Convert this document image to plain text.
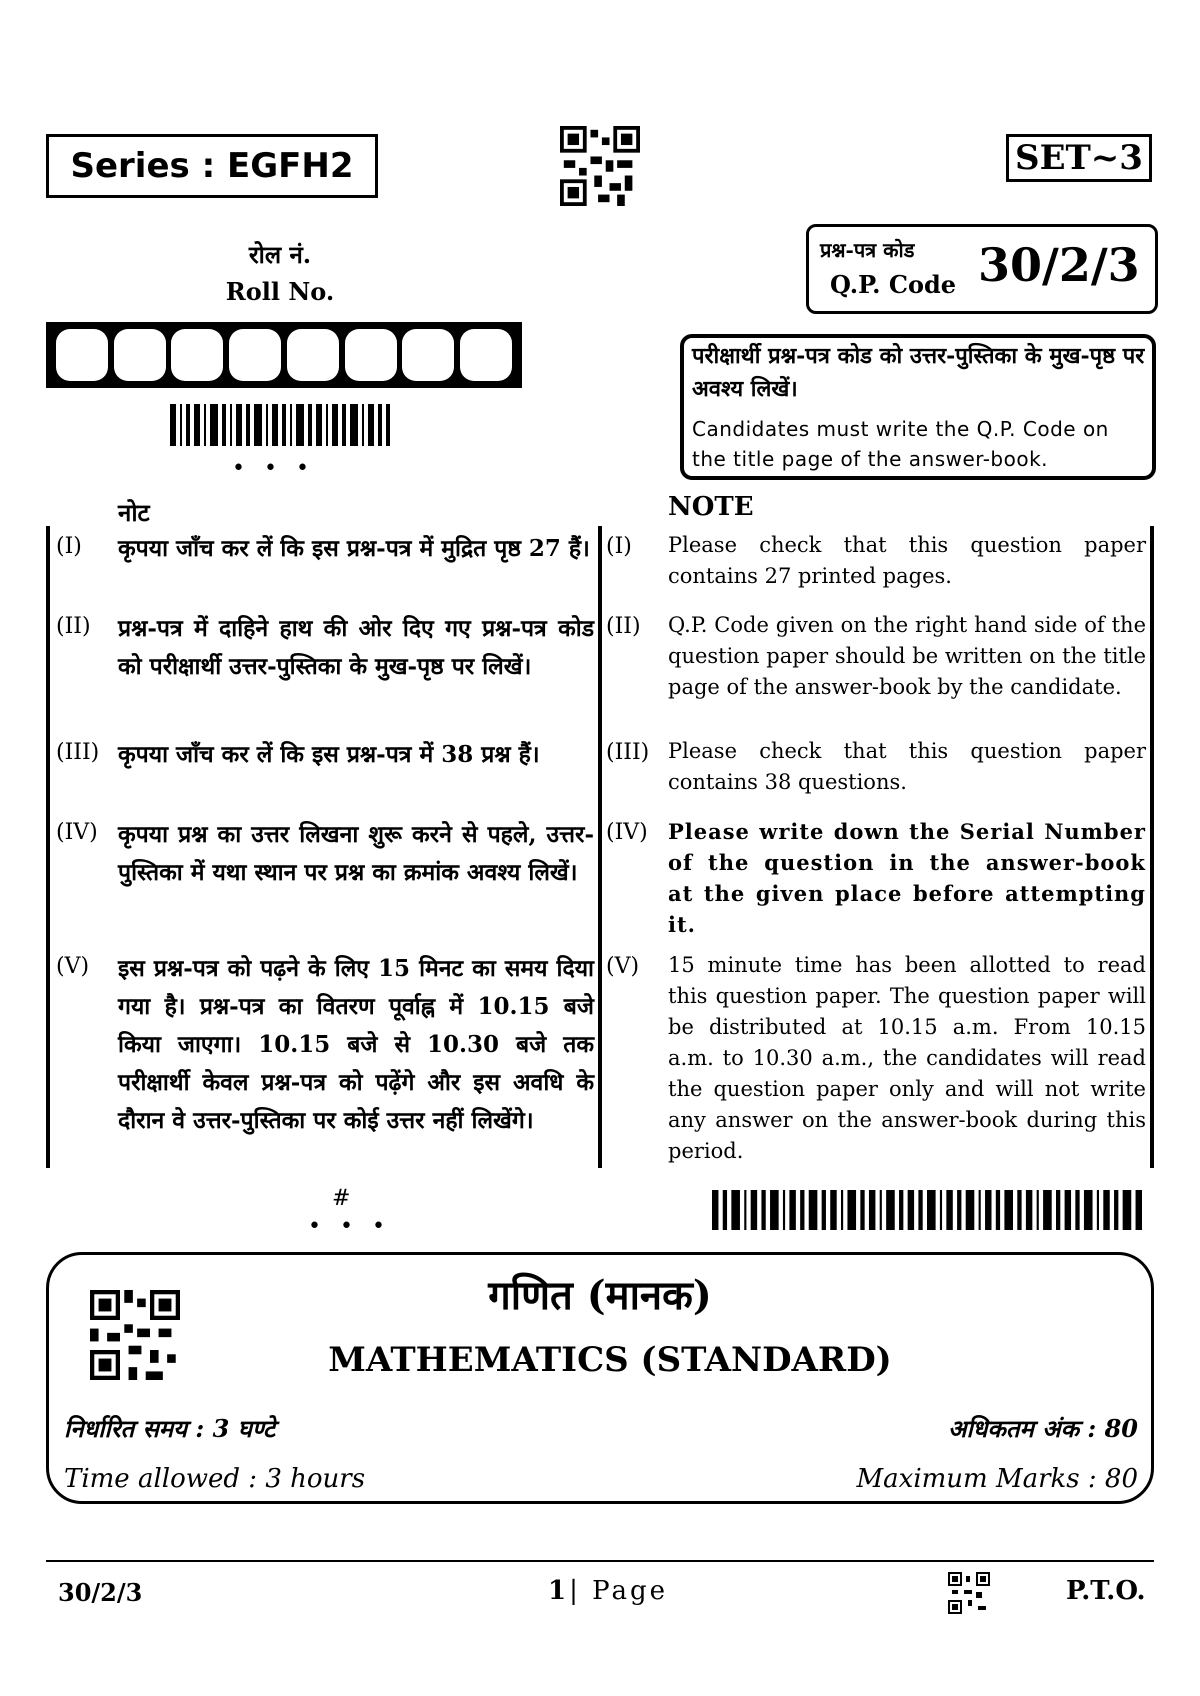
Series : EGFH2	SET~3
रोल नं.
Roll No.
• • •
प्रश्न-पत्र कोड
Q.P. Code 30/2/3
परीक्षार्थी प्रश्न-पत्र कोड को उत्तर-पुस्तिका के मुख-पृष्ठ पर अवश्य लिखें।
Candidates must write the Q.P. Code on the title page of the answer-book.
नोट	NOTE
(I) कृपया जाँच कर लें कि इस प्रश्न-पत्र में मुद्रित पृष्ठ 27 हैं। (I) Please check that this question paper contains 27 printed pages.
(II) प्रश्न-पत्र में दाहिने हाथ की ओर दिए गए प्रश्न-पत्र कोड को परीक्षार्थी उत्तर-पुस्तिका के मुख-पृष्ठ पर लिखें।
(II) Q.P. Code given on the right hand side of the question paper should be written on the title page of the answer-book by the candidate.
(III) कृपया जाँच कर लें कि इस प्रश्न-पत्र में 38 प्रश्न हैं।	(III) Please check that this question paper contains 38 questions.
(IV) कृपया प्रश्न का उत्तर लिखना शुरू करने से पहले, उत्तर-पुस्तिका में यथा स्थान पर प्रश्न का क्रमांक अवश्य लिखें।
(IV) Please write down the Serial Number of the question in the answer-book at the given place before attempting it.
(V) इस प्रश्न-पत्र को पढ़ने के लिए 15 मिनट का समय दिया गया है। प्रश्न-पत्र का वितरण पूर्वाह्न में 10.15 बजे किया जाएगा। 10.15 बजे से 10.30 बजे तक परीक्षार्थी केवल प्रश्न-पत्र को पढ़ेंगे और इस अवधि के दौरान वे उत्तर-पुस्तिका पर कोई उत्तर नहीं लिखेंगे।
(V) 15 minute time has been allotted to read this question paper. The question paper will be distributed at 10.15 a.m. From 10.15 a.m. to 10.30 a.m., the candidates will read the question paper only and will not write any answer on the answer-book during this period.
#
• • •
गणित (मानक)
MATHEMATICS (STANDARD)
निर्धारित समय : 3 घण्टे	अधिकतम अंक : 80
Time allowed : 3 hours	Maximum Marks : 80
30/2/3	1| Page	P.T.O.
